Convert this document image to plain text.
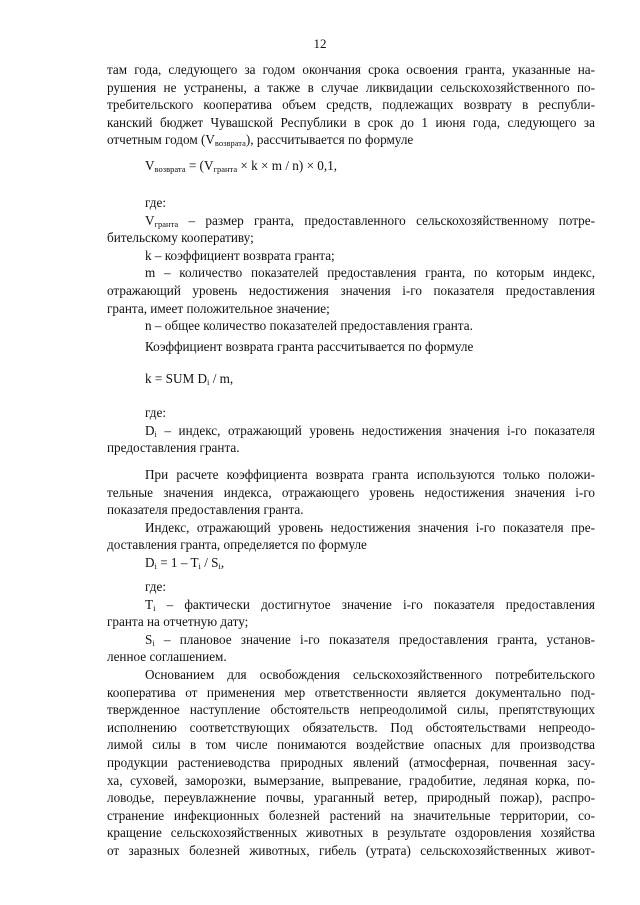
12

там года, следующего за годом окончания срока освоения гранта, указанные на-

рушения не устранены, а также в случае ликвидации сельскохозяйственного по-

требительского кооператива объем средств, подлежащих возврату в республи-

канский бюджет Чувашской Республики в срок до 1 июня года, следующего за

отчетным годом $(V_{возврата})$, рассчитывается по формуле

$V_{возврата} = (V_{гранта} \times k \times m / n) \times 0,1$,

где:

$V_{гранта}$ – размер гранта, предоставленного сельскохозяйственному потре-

бительскому кооперативу;

k – коэффициент возврата гранта;

m – количество показателей предоставления гранта, по которым индекс,

отражающий уровень недостижения значения i-го показателя предоставления

гранта, имеет положительное значение;

n – общее количество показателей предоставления гранта.

Коэффициент возврата гранта рассчитывается по формуле

k = SUM $D_i$ / m,

где:

$D_i$ – индекс, отражающий уровень недостижения значения i-го показателя

предоставления гранта.

При расчете коэффициента возврата гранта используются только положи-

тельные значения индекса, отражающего уровень недостижения значения i-го

показателя предоставления гранта.

Индекс, отражающий уровень недостижения значения i-го показателя пре-

доставления гранта, определяется по формуле

$D_i = 1 - T_i / S_i$,

где:

$T_i$ – фактически достигнутое значение i-го показателя предоставления

гранта на отчетную дату;

$S_i$ – плановое значение i-го показателя предоставления гранта, установ-

ленное соглашением.

Основанием для освобождения сельскохозяйственного потребительского

кооператива от применения мер ответственности является документально под-

твержденное наступление обстоятельств непреодолимой силы, препятствующих

исполнению соответствующих обязательств. Под обстоятельствами непреодо-

лимой силы в том числе понимаются воздействие опасных для производства

продукции растениеводства природных явлений (атмосферная, почвенная засу-

ха, суховей, заморозки, вымерзание, выпревание, градобитие, ледяная корка, по-

ловодье, переувлажнение почвы, ураганный ветер, природный пожар), распро-

странение инфекционных болезней растений на значительные территории, со-

кращение сельскохозяйственных животных в результате оздоровления хозяйства

от заразных болезней животных, гибель (утрата) сельскохозяйственных живот-
